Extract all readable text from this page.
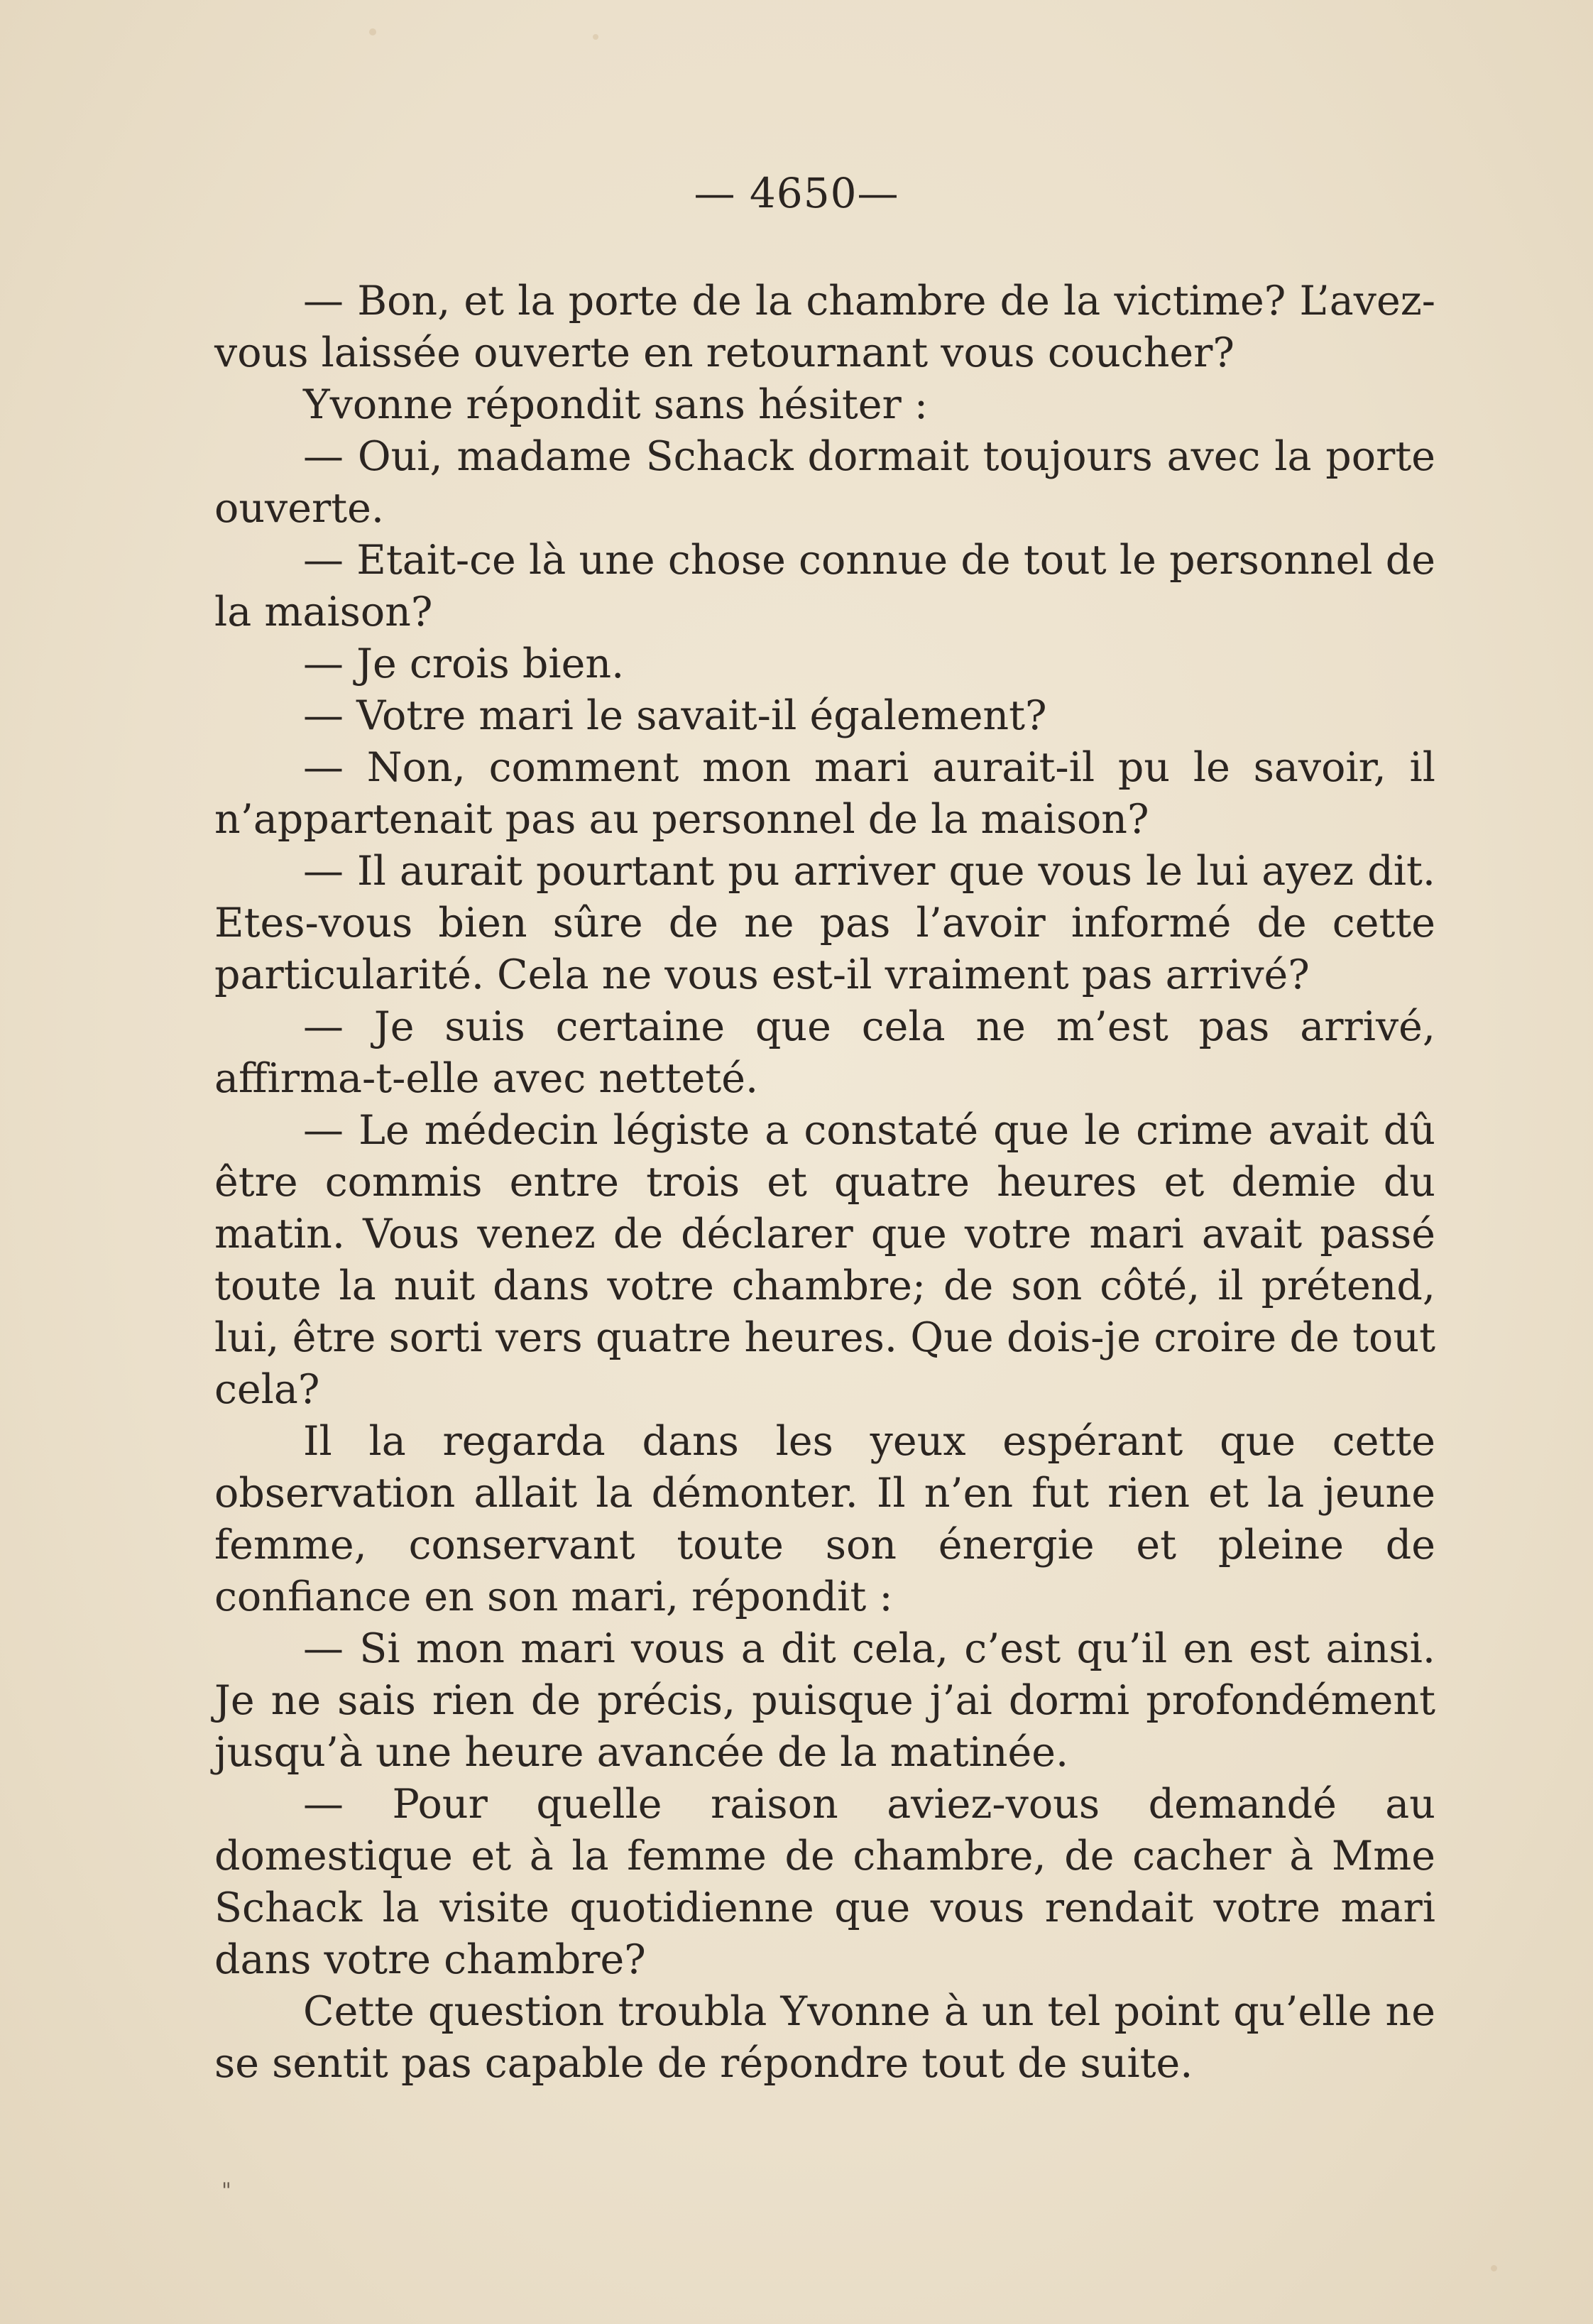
— 4650—

— Bon, et la porte de la chambre de la victime? L’avez-vous laissée ouverte en retournant vous coucher?

Yvonne répondit sans hésiter :

— Oui, madame Schack dormait toujours avec la porte ouverte.

— Etait-ce là une chose connue de tout le personnel de la maison?

— Je crois bien.

— Votre mari le savait-il également?

— Non, comment mon mari aurait-il pu le savoir, il n’appartenait pas au personnel de la maison?

— Il aurait pourtant pu arriver que vous le lui ayez dit. Etes-vous bien sûre de ne pas l’avoir informé de cette particularité. Cela ne vous est-il vraiment pas arrivé?

— Je suis certaine que cela ne m’est pas arrivé, affirma-t-elle avec netteté.

— Le médecin légiste a constaté que le crime avait dû être commis entre trois et quatre heures et demie du matin. Vous venez de déclarer que votre mari avait passé toute la nuit dans votre chambre; de son côté, il prétend, lui, être sorti vers quatre heures. Que dois-je croire de tout cela?

Il la regarda dans les yeux espérant que cette observation allait la démonter. Il n’en fut rien et la jeune femme, conservant toute son énergie et pleine de confiance en son mari, répondit :

— Si mon mari vous a dit cela, c’est qu’il en est ainsi. Je ne sais rien de précis, puisque j’ai dormi profondément jusqu’à une heure avancée de la matinée.

— Pour quelle raison aviez-vous demandé au domestique et à la femme de chambre, de cacher à Mme Schack la visite quotidienne que vous rendait votre mari dans votre chambre?

Cette question troubla Yvonne à un tel point qu’elle ne se sentit pas capable de répondre tout de suite.

"
